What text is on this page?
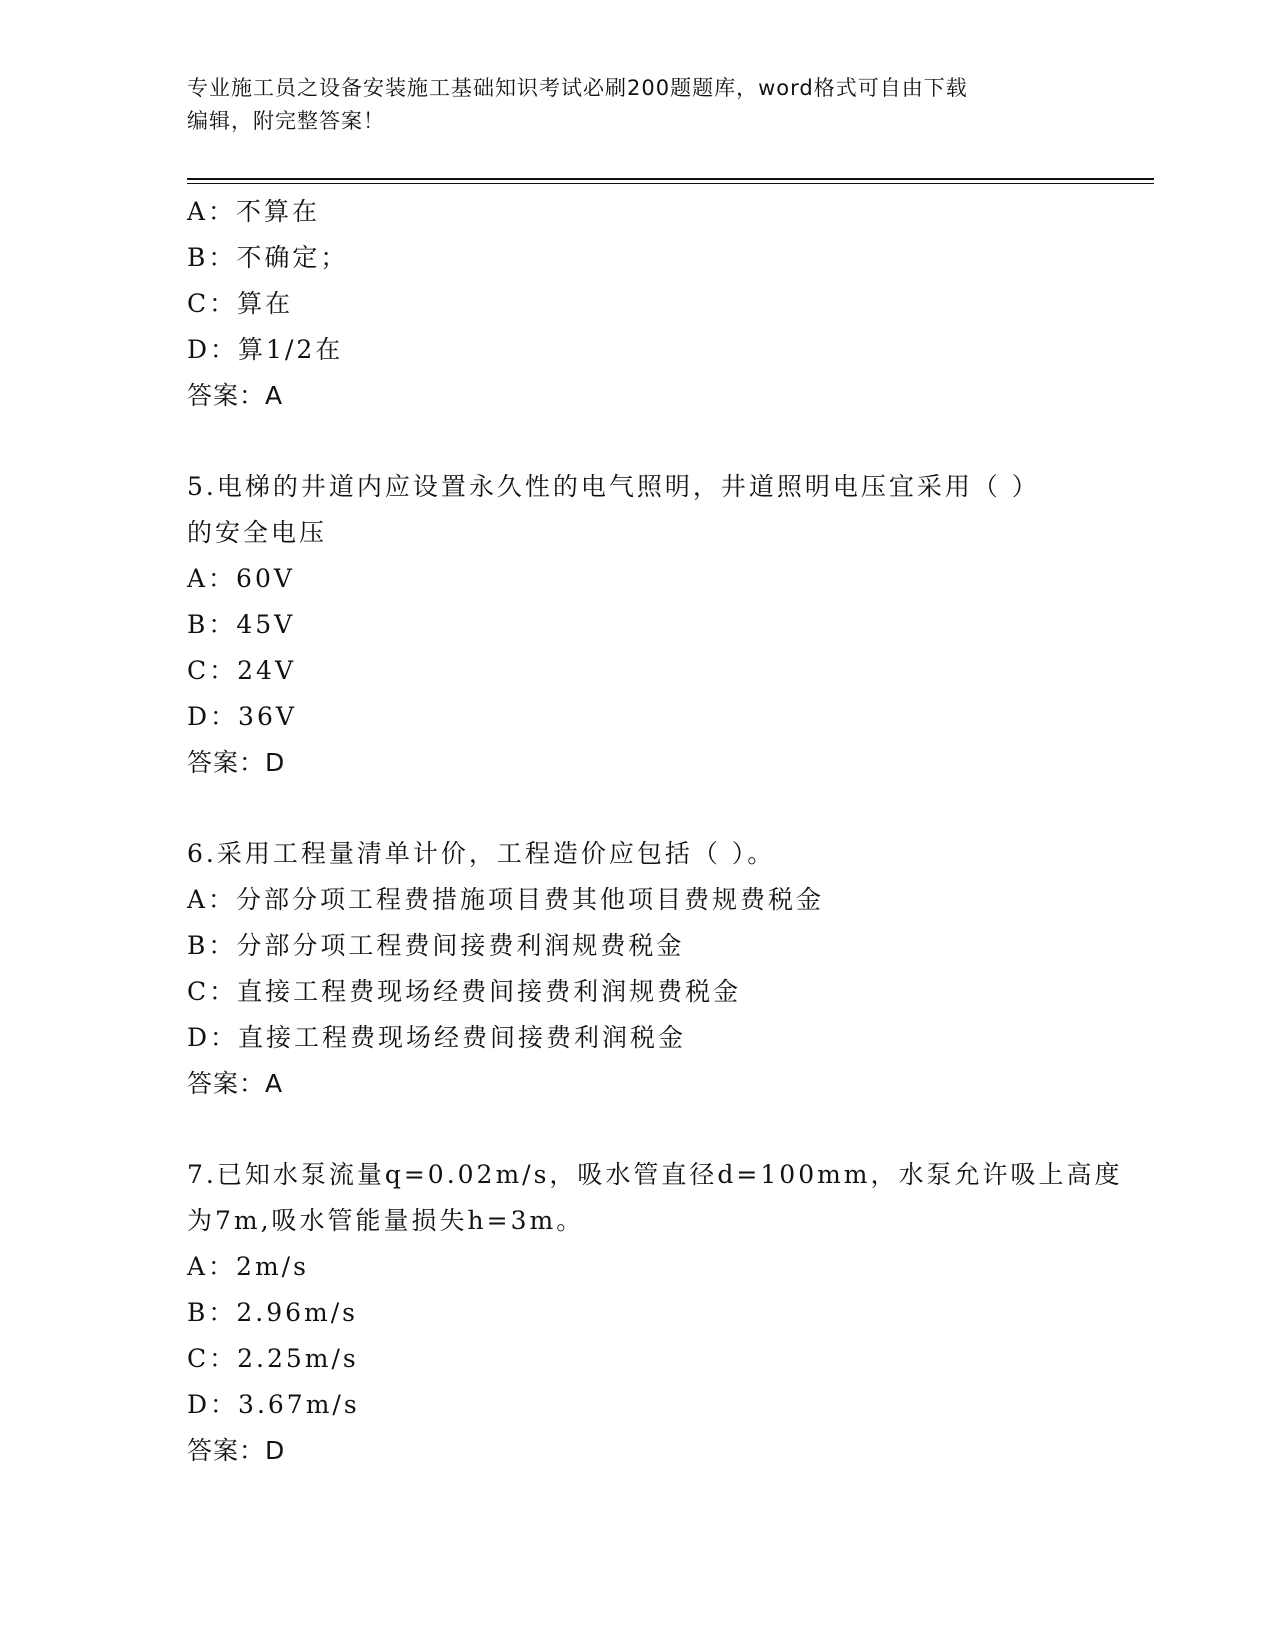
专业施工员之设备安装施工基础知识考试必刷200题题库，word格式可自由下载
编辑，附完整答案！
A：不算在
B：不确定；
C：算在
D：算1/2在
答案：A
5.电梯的井道内应设置永久性的电气照明，井道照明电压宜采用（ ）
的安全电压
A：60V
B：45V
C：24V
D：36V
答案：D
6.采用工程量清单计价，工程造价应包括（ ）。
A：分部分项工程费措施项目费其他项目费规费税金
B：分部分项工程费间接费利润规费税金
C：直接工程费现场经费间接费利润规费税金
D：直接工程费现场经费间接费利润税金
答案：A
7.已知水泵流量q=0.02m/s，吸水管直径d=100mm，水泵允许吸上高度
为7m,吸水管能量损失h=3m。
A：2m/s
B：2.96m/s
C：2.25m/s
D：3.67m/s
答案：D
